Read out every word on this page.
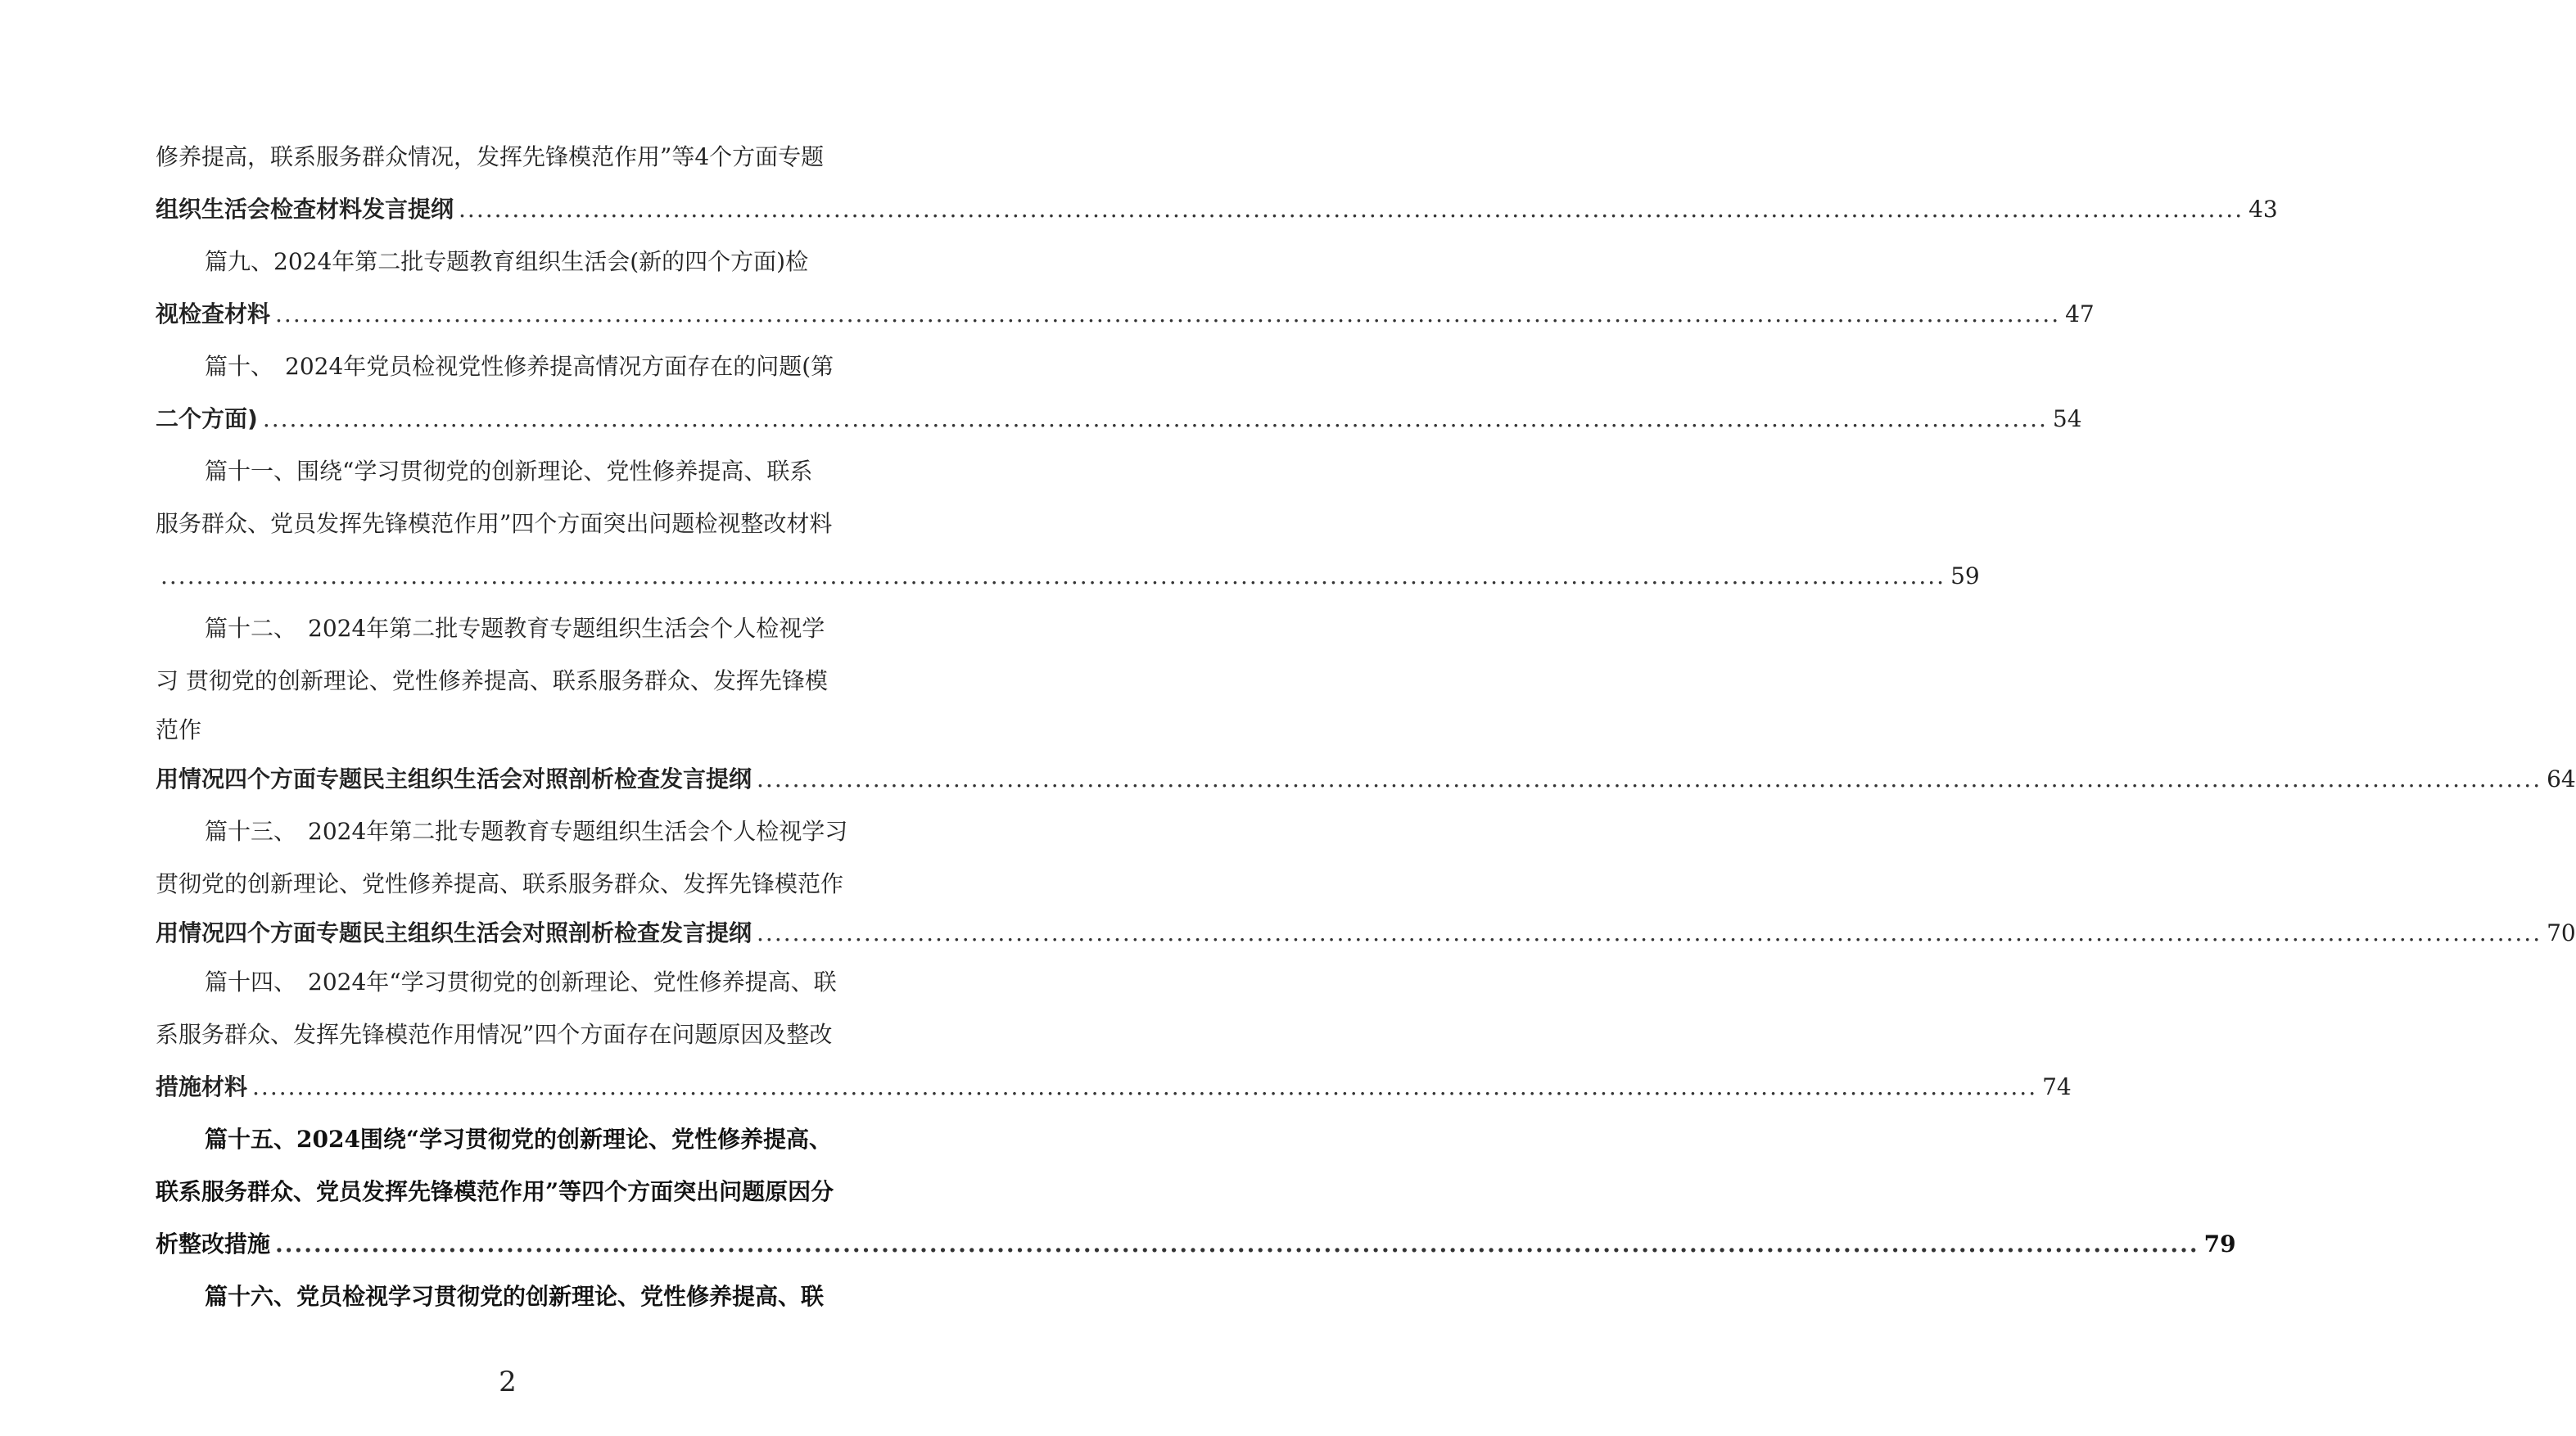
修养提高，联系服务群众情况，发挥先锋模范作用”等4个方面专题
组织生活会检查材料发言提纲 ........................................................................................................................................................................................................ 43
篇九、2024年第二批专题教育组织生活会(新的四个方面)检
视检查材料 ........................................................................................................................................................................................................ 47
篇十、　2024年党员检视党性修养提高情况方面存在的问题(第
二个方面) ........................................................................................................................................................................................................ 54
篇十一、围绕“学习贯彻党的创新理论、党性修养提高、联系
服务群众、党员发挥先锋模范作用”四个方面突出问题检视整改材料
........................................................................................................................................................................................................ 59
篇十二、　2024年第二批专题教育专题组织生活会个人检视学
习 贯彻党的创新理论、党性修养提高、联系服务群众、发挥先锋模
范作
用情况四个方面专题民主组织生活会对照剖析检查发言提纲 ........................................................................................................................................................................................................ 64
篇十三、　2024年第二批专题教育专题组织生活会个人检视学习
贯彻党的创新理论、党性修养提高、联系服务群众、发挥先锋模范作
用情况四个方面专题民主组织生活会对照剖析检查发言提纲 ........................................................................................................................................................................................................ 70
篇十四、　2024年“学习贯彻党的创新理论、党性修养提高、联
系服务群众、发挥先锋模范作用情况”四个方面存在问题原因及整改
措施材料 ........................................................................................................................................................................................................ 74
篇十五、2024围绕“学习贯彻党的创新理论、党性修养提高、
联系服务群众、党员发挥先锋模范作用”等四个方面突出问题原因分
析整改措施 ........................................................................................................................................................................................................ 79
篇十六、党员检视学习贯彻党的创新理论、党性修养提高、联
2
